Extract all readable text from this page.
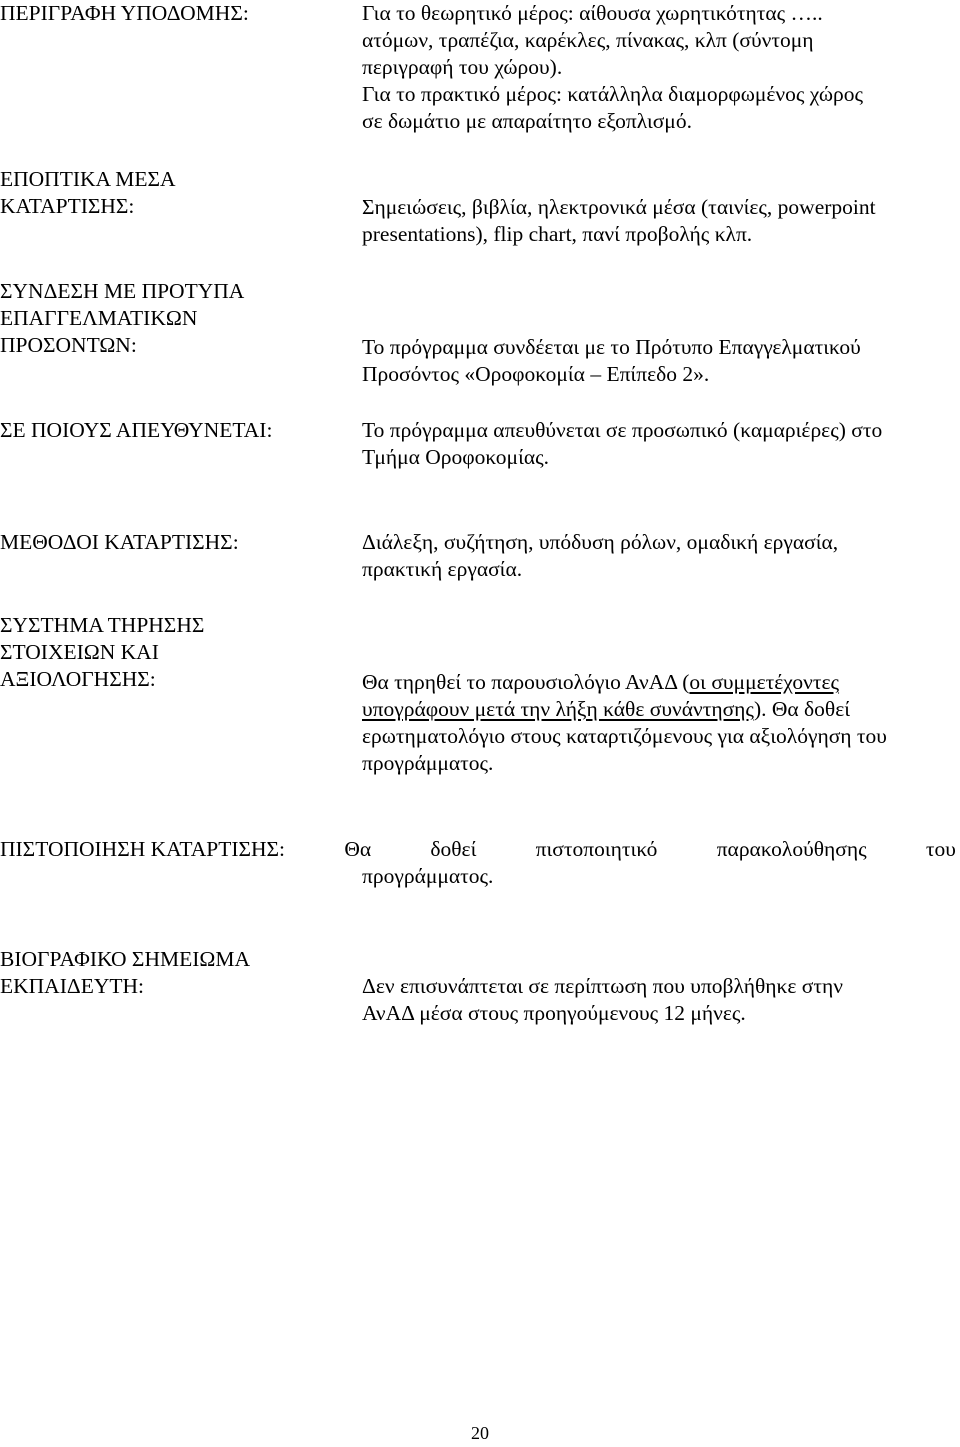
ΠΕΡΙΓΡΑΦΗ ΥΠΟΔΟΜΗΣ:	Για το θεωρητικό μέρος: αίθουσα χωρητικότητας …..
ατόμων, τραπέζια, καρέκλες, πίνακας, κλπ (σύντομη
περιγραφή του χώρου).
Για το πρακτικό μέρος: κατάλληλα διαμορφωμένος χώρος
σε δωμάτιο με απαραίτητο εξοπλισμό.
ΕΠΟΠΤΙΚΑ ΜΕΣΑ
ΚΑΤΑΡΤΙΣΗΣ:	Σημειώσεις, βιβλία, ηλεκτρονικά μέσα (ταινίες, powerpoint
presentations), flip chart, πανί προβολής κλπ.
ΣΥΝΔΕΣΗ ΜΕ ΠΡΟΤΥΠΑ
ΕΠΑΓΓΕΛΜΑΤΙΚΩΝ
ΠΡΟΣΟΝΤΩΝ:	Το πρόγραμμα συνδέεται με το Πρότυπο Επαγγελματικού
Προσόντος «Οροφοκομία – Επίπεδο 2».
ΣΕ ΠΟΙΟΥΣ ΑΠΕΥΘΥΝΕΤΑΙ:	Το πρόγραμμα απευθύνεται σε προσωπικό (καμαριέρες) στο
Τμήμα Οροφοκομίας.
ΜΕΘΟΔΟΙ ΚΑΤΑΡΤΙΣΗΣ:	Διάλεξη, συζήτηση, υπόδυση ρόλων, ομαδική εργασία,
πρακτική εργασία.
ΣΥΣΤΗΜΑ ΤΗΡΗΣΗΣ
ΣΤΟΙΧΕΙΩΝ ΚΑΙ
ΑΞΙΟΛΟΓΗΣΗΣ:	Θα τηρηθεί το παρουσιολόγιο ΑνΑΔ (οι συμμετέχοντες
υπογράφουν μετά την λήξη κάθε συνάντησης). Θα δοθεί
ερωτηματολόγιο στους καταρτιζόμενους για αξιολόγηση του
προγράμματος.
ΠΙΣΤΟΠΟΙΗΣΗ ΚΑΤΑΡΤΙΣΗΣ:	Θα	δοθεί	πιστοποιητικό	παρακολούθησης	του
προγράμματος.
ΒΙΟΓΡΑΦΙΚΟ ΣΗΜΕΙΩΜΑ
ΕΚΠΑΙΔΕΥΤΗ:	Δεν επισυνάπτεται σε περίπτωση που υποβλήθηκε στην
ΑνΑΔ μέσα στους προηγούμενους 12 μήνες.
20
